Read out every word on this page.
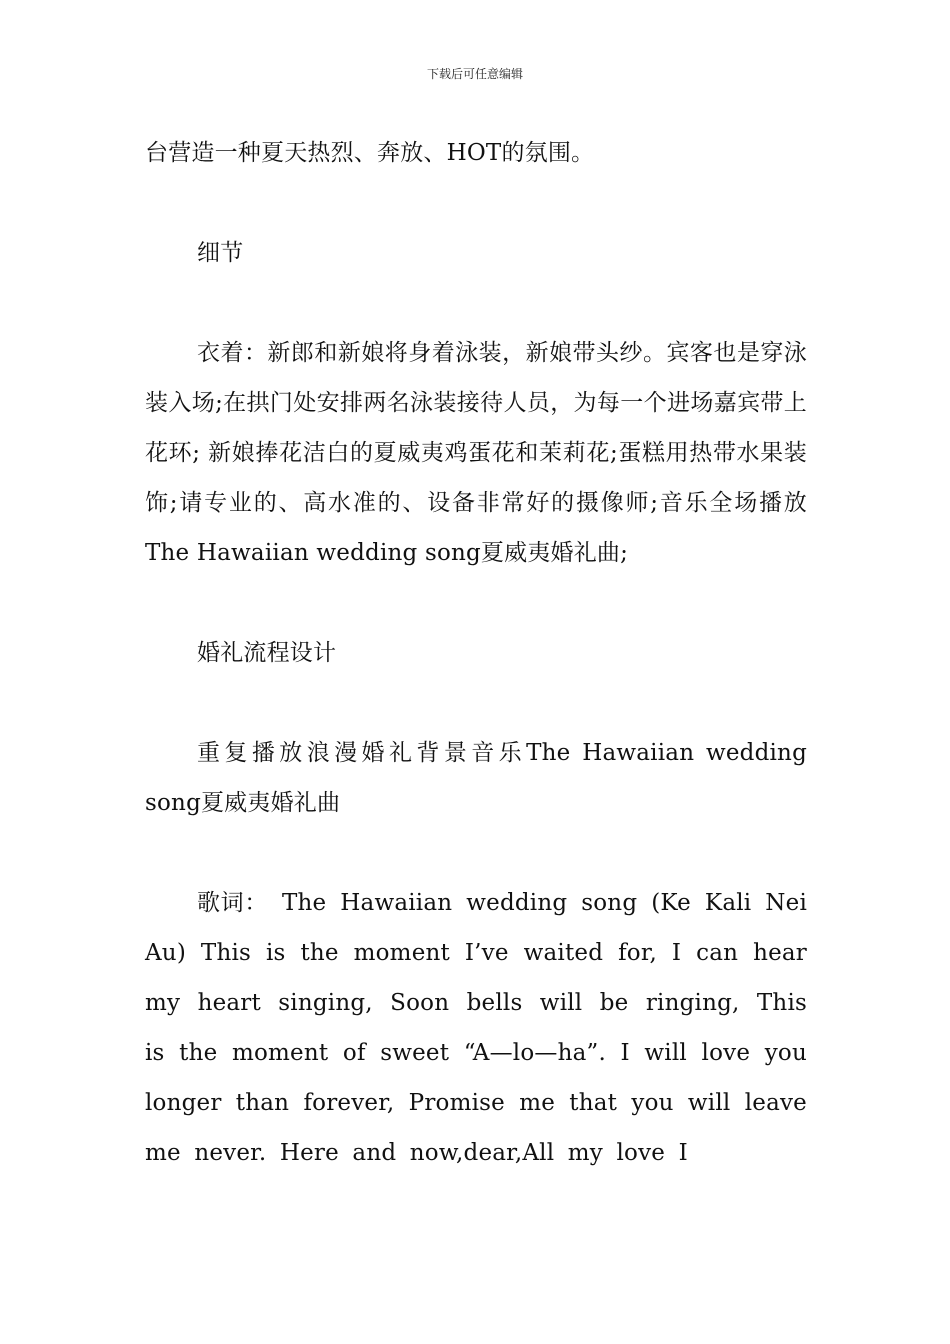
下载后可任意编辑

台营造一种夏天热烈、奔放、HOT的氛围。

细节

衣着：新郎和新娘将身着泳装，新娘带头纱。宾客也是穿泳装入场;在拱门处安排两名泳装接待人员，为每一个进场嘉宾带上花环; 新娘捧花洁白的夏威夷鸡蛋花和茉莉花;蛋糕用热带水果装饰;请专业的、高水准的、设备非常好的摄像师;音乐全场播放The Hawaiian wedding song夏威夷婚礼曲;

婚礼流程设计

重复播放浪漫婚礼背景音乐The Hawaiian wedding song夏威夷婚礼曲

歌词： The Hawaiian wedding song (Ke Kali Nei Au) This is the moment I’ve waited for, I can hear my heart singing, Soon bells will be ringing, This is the moment of sweet “A—lo—ha”. I will love you longer than forever, Promise me that you will leave me never. Here and now,dear,All my love I
